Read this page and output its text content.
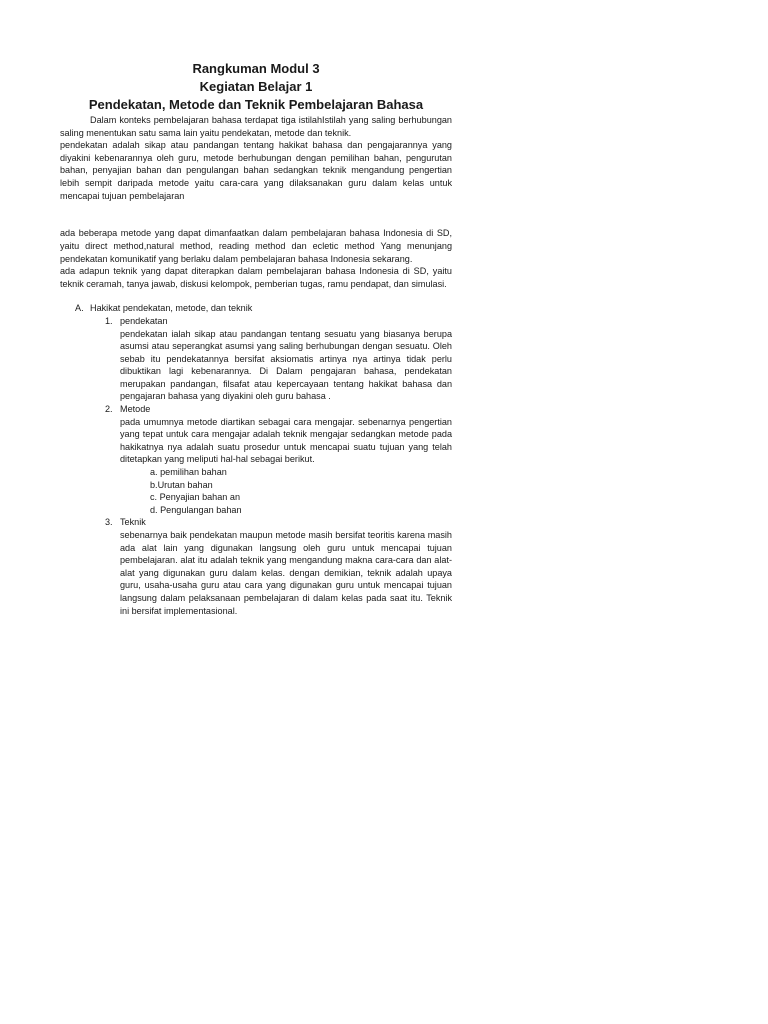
Rangkuman Modul 3
Kegiatan Belajar 1
Pendekatan, Metode dan Teknik Pembelajaran Bahasa

Dalam konteks pembelajaran bahasa terdapat tiga istilahIstilah yang saling berhubungan saling menentukan satu sama lain yaitu pendekatan, metode dan teknik.

pendekatan adalah sikap atau pandangan tentang hakikat bahasa dan pengajarannya yang diyakini kebenarannya oleh guru, metode berhubungan dengan pemilihan bahan, pengurutan bahan, penyajian bahan dan pengulangan bahan sedangkan teknik mengandung pengertian lebih sempit daripada metode yaitu cara-cara yang dilaksanakan guru dalam kelas untuk mencapai tujuan pembelajaran

ada beberapa metode yang dapat dimanfaatkan dalam pembelajaran bahasa Indonesia di SD, yaitu direct method,natural method, reading method dan ecletic method Yang menunjang pendekatan komunikatif yang berlaku dalam pembelajaran bahasa Indonesia sekarang.

ada adapun teknik yang dapat diterapkan dalam pembelajaran bahasa Indonesia di SD, yaitu teknik ceramah, tanya jawab, diskusi kelompok, pemberian tugas, ramu pendapat, dan simulasi.

A. Hakikat pendekatan, metode, dan teknik
1. pendekatan

pendekatan ialah sikap atau pandangan tentang sesuatu yang biasanya berupa asumsi atau seperangkat asumsi yang saling berhubungan dengan sesuatu. Oleh sebab itu pendekatannya bersifat aksiomatis artinya nya artinya tidak perlu dibuktikan lagi kebenarannya. Di Dalam pengajaran bahasa, pendekatan merupakan pandangan, filsafat atau kepercayaan tentang hakikat bahasa dan pengajaran bahasa yang diyakini oleh guru bahasa .

2. Metode

pada umumnya metode diartikan sebagai cara mengajar. sebenarnya pengertian yang tepat untuk cara mengajar adalah teknik mengajar sedangkan metode pada hakikatnya nya adalah suatu prosedur untuk mencapai suatu tujuan yang telah ditetapkan yang meliputi hal-hal sebagai berikut.

a. pemilihan bahan
b.Urutan bahan
c. Penyajian bahan an
d. Pengulangan bahan
3. Teknik

sebenarnya baik pendekatan maupun metode masih bersifat teoritis karena masih ada alat lain yang digunakan langsung oleh guru untuk mencapai tujuan pembelajaran. alat itu adalah teknik yang mengandung makna cara-cara dan alat-alat yang digunakan guru dalam kelas. dengan demikian, teknik adalah upaya guru, usaha-usaha guru atau cara yang digunakan guru untuk mencapai tujuan langsung dalam pelaksanaan pembelajaran di dalam kelas pada saat itu. Teknik ini bersifat implementasional.
